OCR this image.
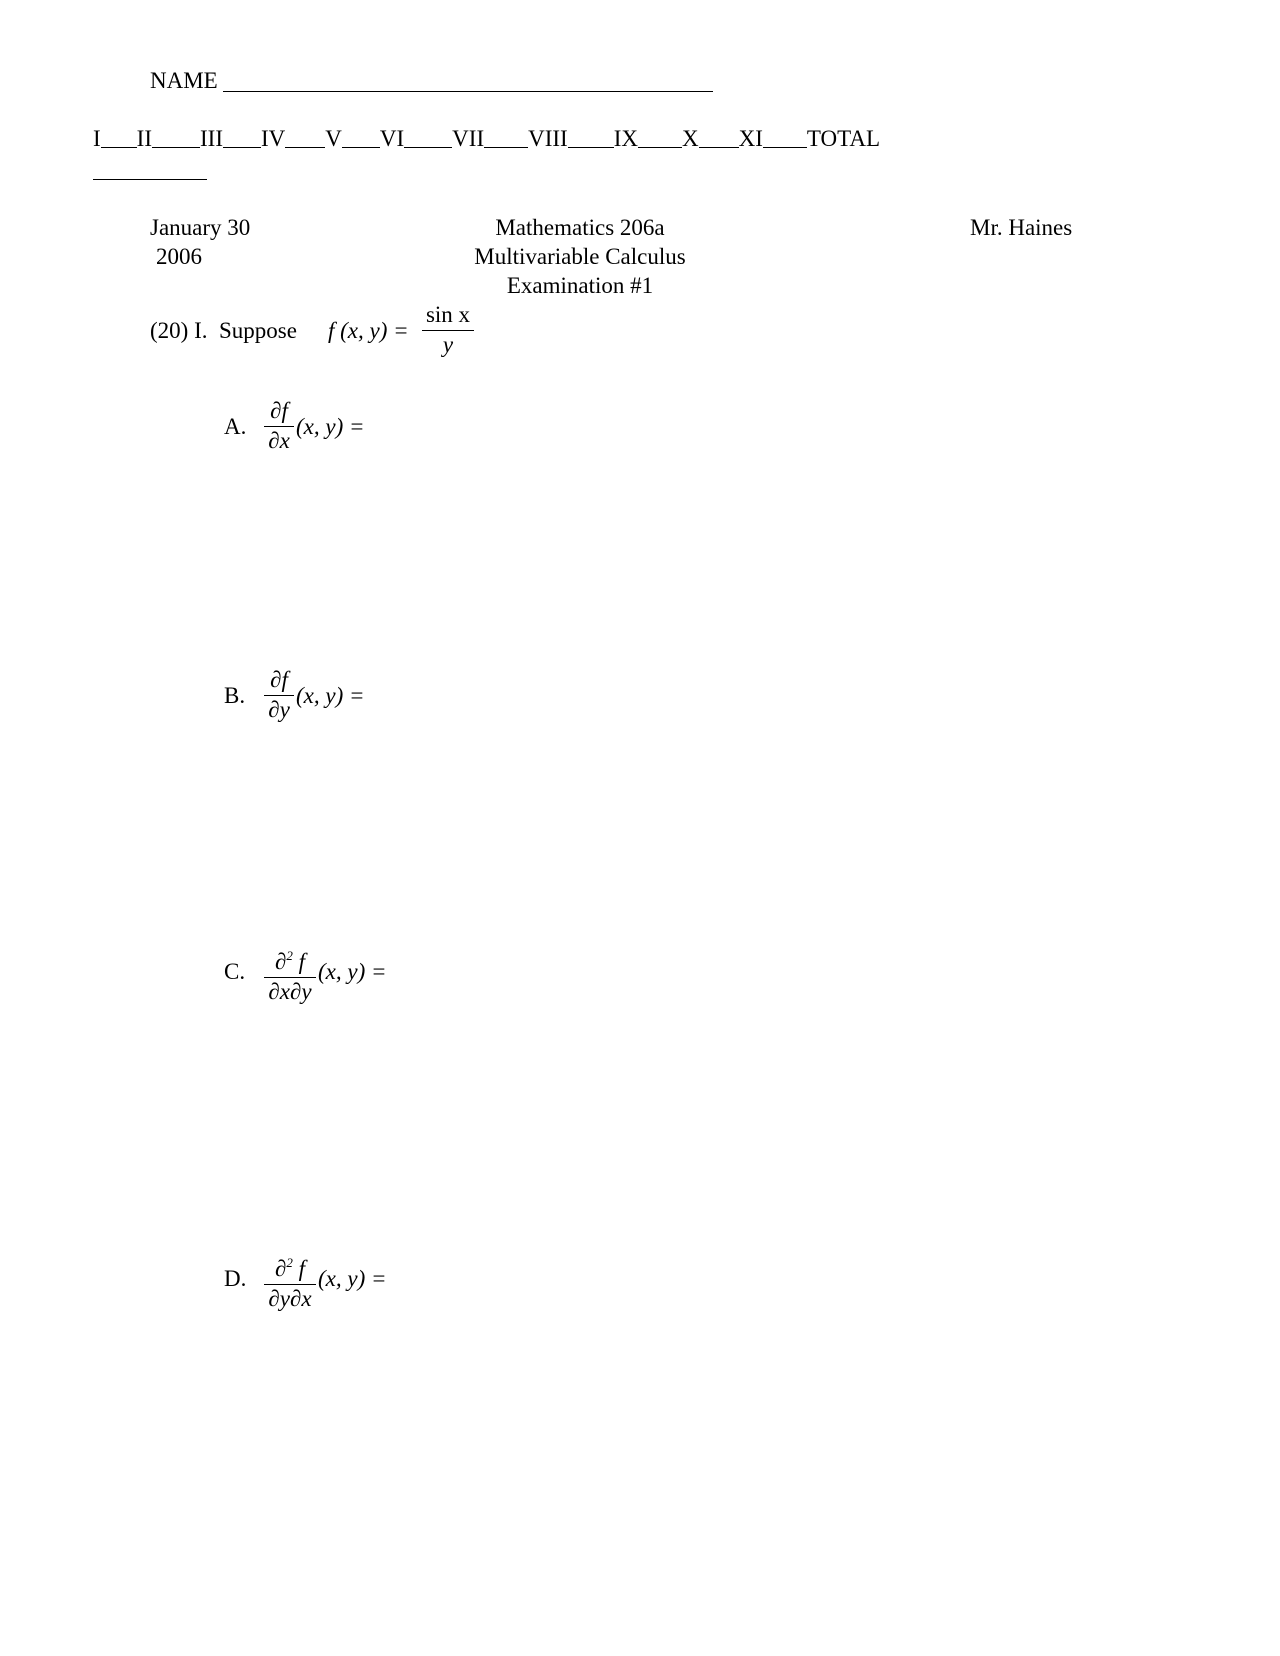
NAME
I II III IV V VI VII VIII IX X XI TOTAL
January 30
2006
Mathematics 206a
Multivariable Calculus
Examination #1
Mr. Haines
(20) I. Suppose f (x, y) =
sin x
y
A.
∂f
∂x
(x, y) =
B.
∂f
∂y
(x, y) =
C.	∂$^2$ f
∂x∂y
(x, y) =
D.	∂$^2$ f
∂y∂x
(x, y) =
